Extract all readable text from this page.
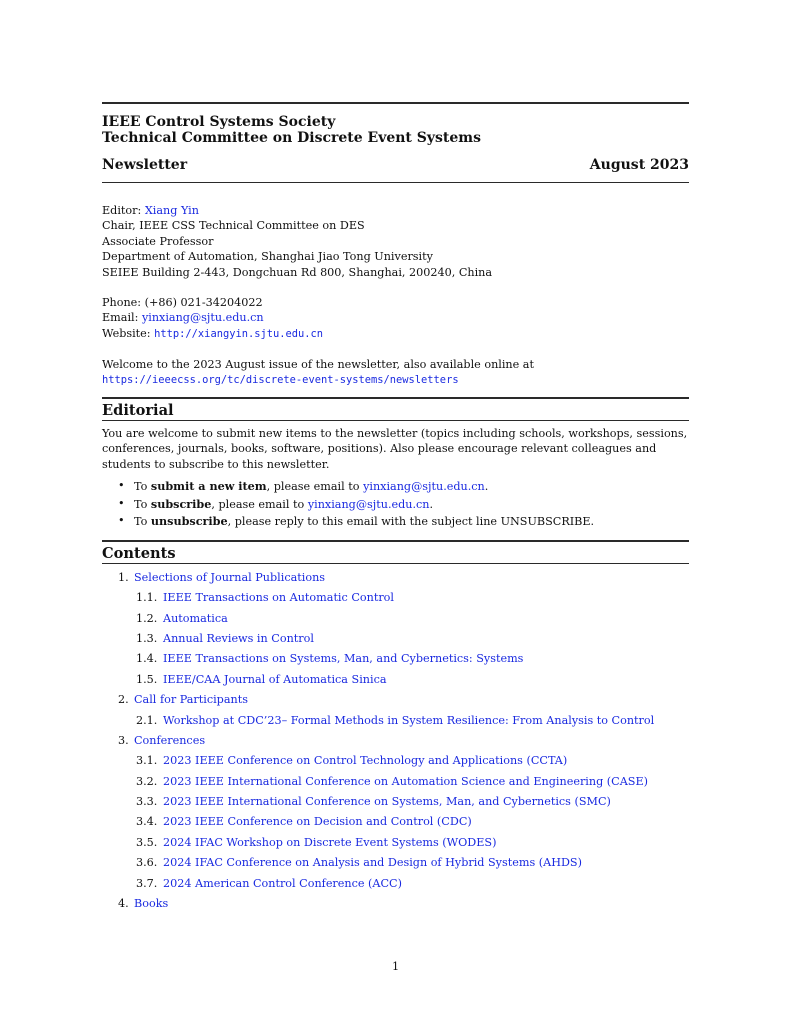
IEEE Control Systems Society
Technical Committee on Discrete Event Systems
Newsletter	August 2023
Editor: Xiang Yin
Chair, IEEE CSS Technical Committee on DES
Associate Professor
Department of Automation, Shanghai Jiao Tong University
SEIEE Building 2-443, Dongchuan Rd 800, Shanghai, 200240, China
Phone: (+86) 021-34204022
Email: yinxiang@sjtu.edu.cn
Website: http://xiangyin.sjtu.edu.cn
Welcome to the 2023 August issue of the newsletter, also available online at
https://ieeecss.org/tc/discrete-event-systems/newsletters
Editorial
You are welcome to submit new items to the newsletter (topics including schools, workshops, sessions, conferences, journals, books, software, positions). Also please encourage relevant colleagues and students to subscribe to this newsletter.
• To submit a new item, please email to yinxiang@sjtu.edu.cn.
• To subscribe, please email to yinxiang@sjtu.edu.cn.
• To unsubscribe, please reply to this email with the subject line UNSUBSCRIBE.
Contents
1. Selections of Journal Publications
1.1. IEEE Transactions on Automatic Control
1.2. Automatica
1.3. Annual Reviews in Control
1.4. IEEE Transactions on Systems, Man, and Cybernetics: Systems
1.5. IEEE/CAA Journal of Automatica Sinica
2. Call for Participants
2.1. Workshop at CDC’23– Formal Methods in System Resilience: From Analysis to Control
3. Conferences
3.1. 2023 IEEE Conference on Control Technology and Applications (CCTA)
3.2. 2023 IEEE International Conference on Automation Science and Engineering (CASE)
3.3. 2023 IEEE International Conference on Systems, Man, and Cybernetics (SMC)
3.4. 2023 IEEE Conference on Decision and Control (CDC)
3.5. 2024 IFAC Workshop on Discrete Event Systems (WODES)
3.6. 2024 IFAC Conference on Analysis and Design of Hybrid Systems (AHDS)
3.7. 2024 American Control Conference (ACC)
4. Books
1
